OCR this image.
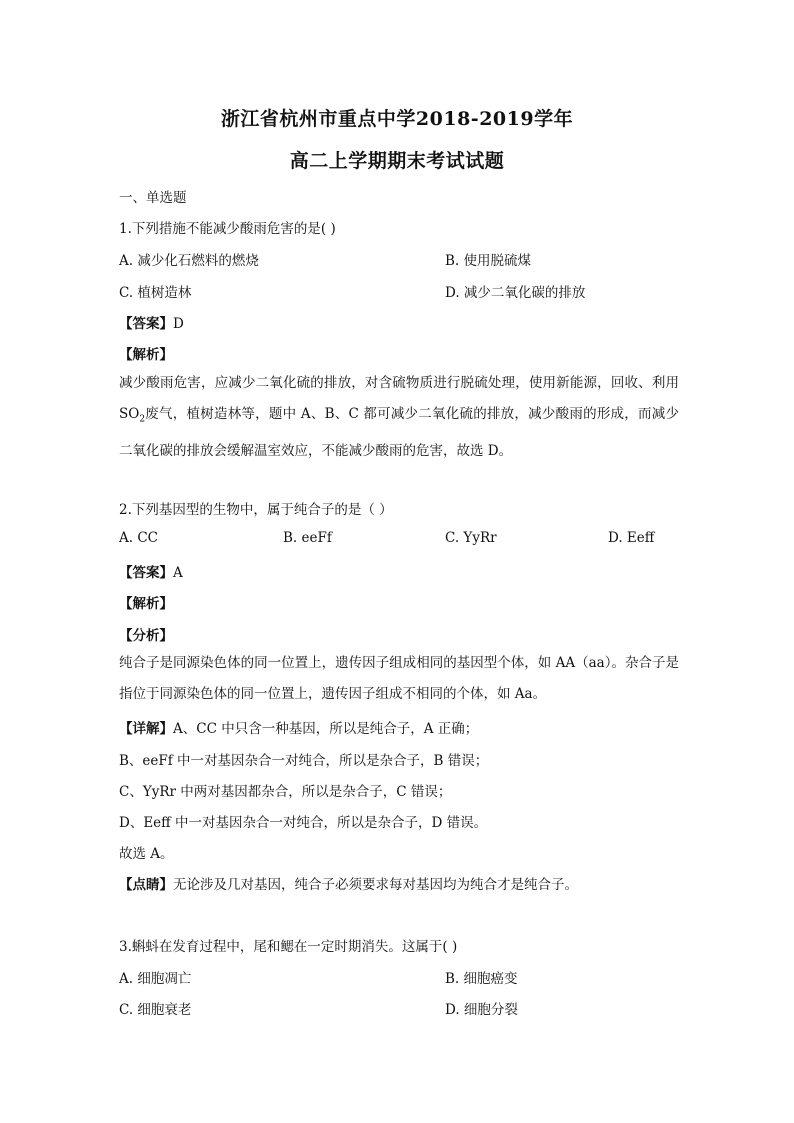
浙江省杭州市重点中学2018-2019学年
高二上学期期末考试试题
一、单选题
1.下列措施不能减少酸雨危害的是( )
A. 减少化石燃料的燃烧	B. 使用脱硫煤
C. 植树造林	D. 减少二氧化碳的排放
【答案】D
【解析】
减少酸雨危害，应减少二氧化硫的排放，对含硫物质进行脱硫处理，使用新能源，回收、利用 $SO_2$废气，植树造林等，题中 A、B、C 都可减少二氧化硫的排放，减少酸雨的形成，而减少二氧化碳的排放会缓解温室效应，不能减少酸雨的危害，故选 D。
2.下列基因型的生物中，属于纯合子的是（ ）
A. CC	B. eeFf	C. YyRr	D. Eeff
【答案】A
【解析】
【分析】
纯合子是同源染色体的同一位置上，遗传因子组成相同的基因型个体，如 AA（aa）。杂合子是指位于同源染色体的同一位置上，遗传因子组成不相同的个体，如 Aa。
【详解】A、CC 中只含一种基因，所以是纯合子，A 正确；
B、eeFf 中一对基因杂合一对纯合，所以是杂合子，B 错误；
C、YyRr 中两对基因都杂合，所以是杂合子，C 错误；
D、Eeff 中一对基因杂合一对纯合，所以是杂合子，D 错误。
故选 A。
【点睛】无论涉及几对基因，纯合子必须要求每对基因均为纯合才是纯合子。
3.蝌蚪在发育过程中，尾和鳃在一定时期消失。这属于( )
A. 细胞凋亡	B. 细胞癌变
C. 细胞衰老	D. 细胞分裂
